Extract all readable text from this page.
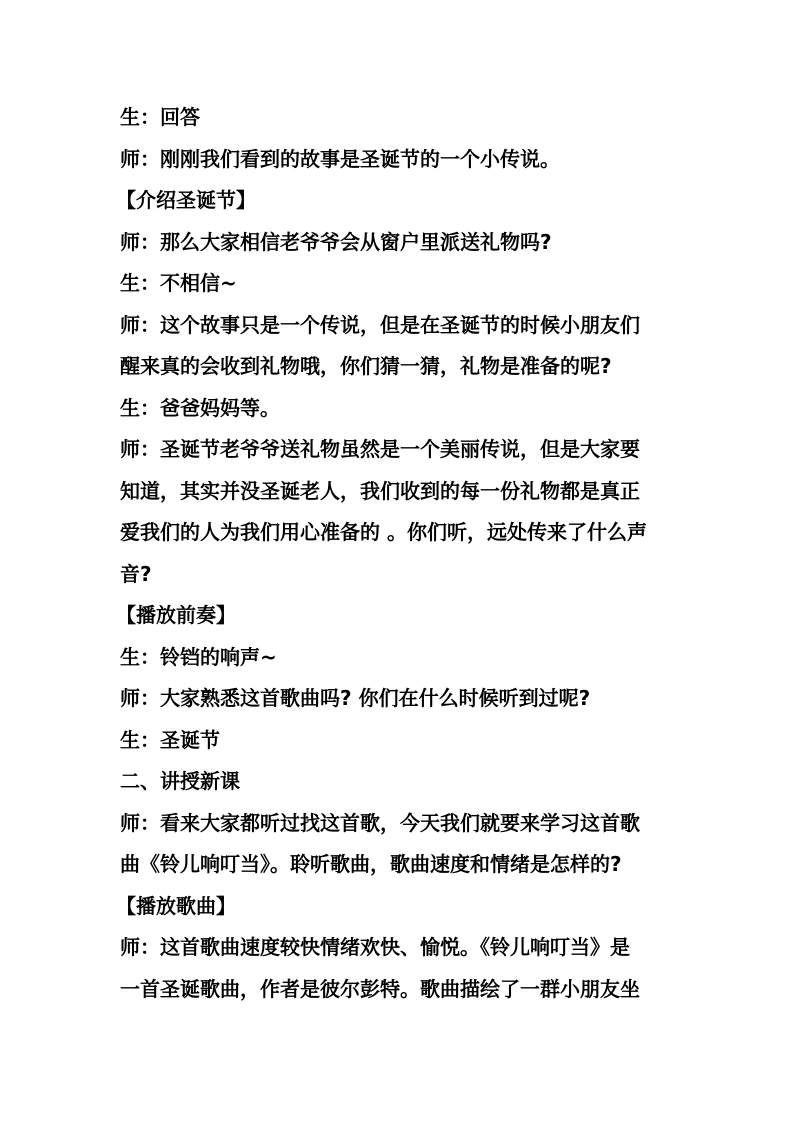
生：回答
师：刚刚我们看到的故事是圣诞节的一个小传说。
【介绍圣诞节】
师：那么大家相信老爷爷会从窗户里派送礼物吗?
生：不相信~
师：这个故事只是一个传说，但是在圣诞节的时候小朋友们
醒来真的会收到礼物哦，你们猜一猜，礼物是准备的呢?
生：爸爸妈妈等。
师：圣诞节老爷爷送礼物虽然是一个美丽传说，但是大家要
知道，其实并没圣诞老人，我们收到的每一份礼物都是真正
爱我们的人为我们用心准备的 。你们听，远处传来了什么声
音?
【播放前奏】
生：铃铛的响声~
师：大家熟悉这首歌曲吗? 你们在什么时候听到过呢?
生：圣诞节
二、讲授新课
师：看来大家都听过找这首歌，今天我们就要来学习这首歌
曲《铃儿响叮当》。聆听歌曲，歌曲速度和情绪是怎样的?
【播放歌曲】
师：这首歌曲速度较快情绪欢快、愉悦。《铃儿响叮当》是
一首圣诞歌曲，作者是彼尔彭特。歌曲描绘了一群小朋友坐
